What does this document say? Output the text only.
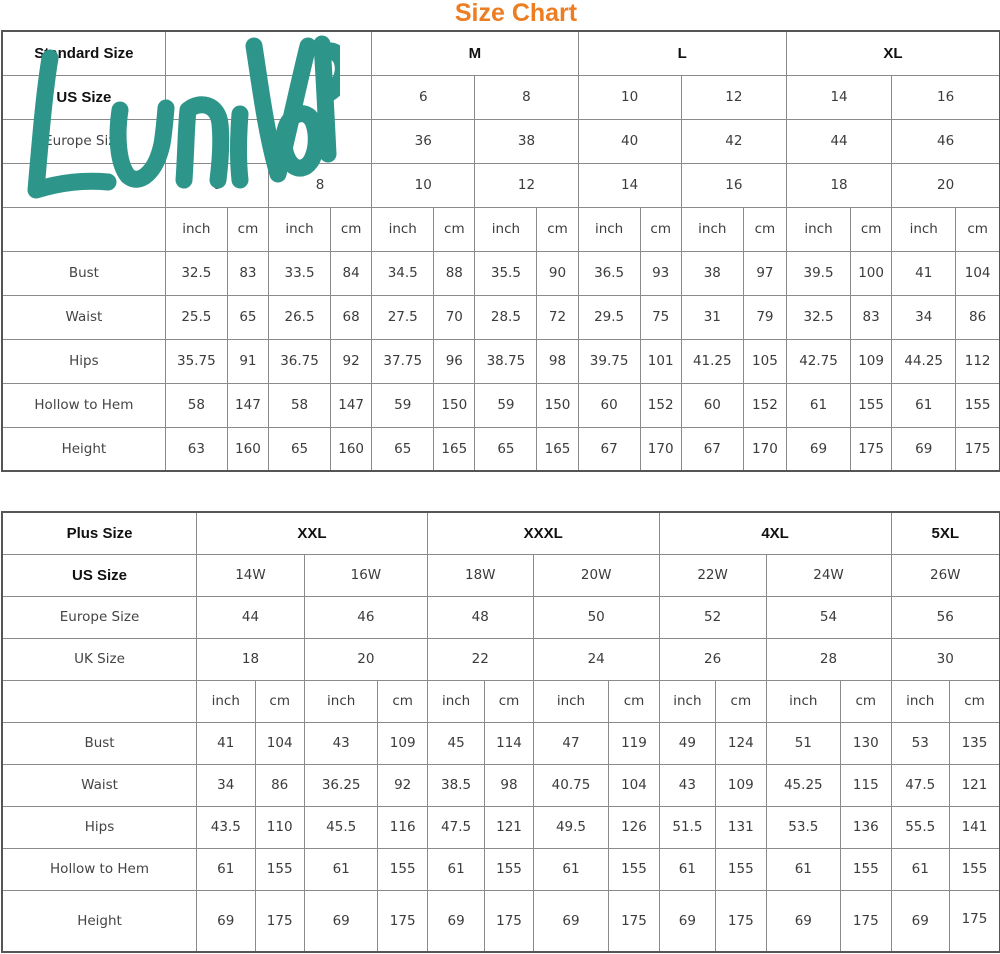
Size Chart
Standard Size					M				L				XL			
US Size					6		8		10		12		14		16	
Europe Size			34		36		38		40		42		44		46	
UK Size	6		8		10		12		14		16		18		20	
	inch	cm	inch	cm	inch	cm	inch	cm	inch	cm	inch	cm	inch	cm	inch	cm
Bust	32.5	83	33.5	84	34.5	88	35.5	90	36.5	93	38	97	39.5	100	41	104
Waist	25.5	65	26.5	68	27.5	70	28.5	72	29.5	75	31	79	32.5	83	34	86
Hips	35.75	91	36.75	92	37.75	96	38.75	98	39.75	101	41.25	105	42.75	109	44.25	112
Hollow to Hem	58	147	58	147	59	150	59	150	60	152	60	152	61	155	61	155
Height	63	160	65	160	65	165	65	165	67	170	67	170	69	175	69	175
Plus Size	XXL				XXXL				4XL				5XL	
US Size	14W		16W		18W		20W		22W		24W		26W	
Europe Size	44		46		48		50		52		54		56	
UK Size	18		20		22		24		26		28		30	
	inch	cm	inch	cm	inch	cm	inch	cm	inch	cm	inch	cm	inch	cm
Bust	41	104	43	109	45	114	47	119	49	124	51	130	53	135
Waist	34	86	36.25	92	38.5	98	40.75	104	43	109	45.25	115	47.5	121
Hips	43.5	110	45.5	116	47.5	121	49.5	126	51.5	131	53.5	136	55.5	141
Hollow to Hem	61	155	61	155	61	155	61	155	61	155	61	155	61	155
Height	69	175	69	175	69	175	69	175	69	175	69	175	69	175
